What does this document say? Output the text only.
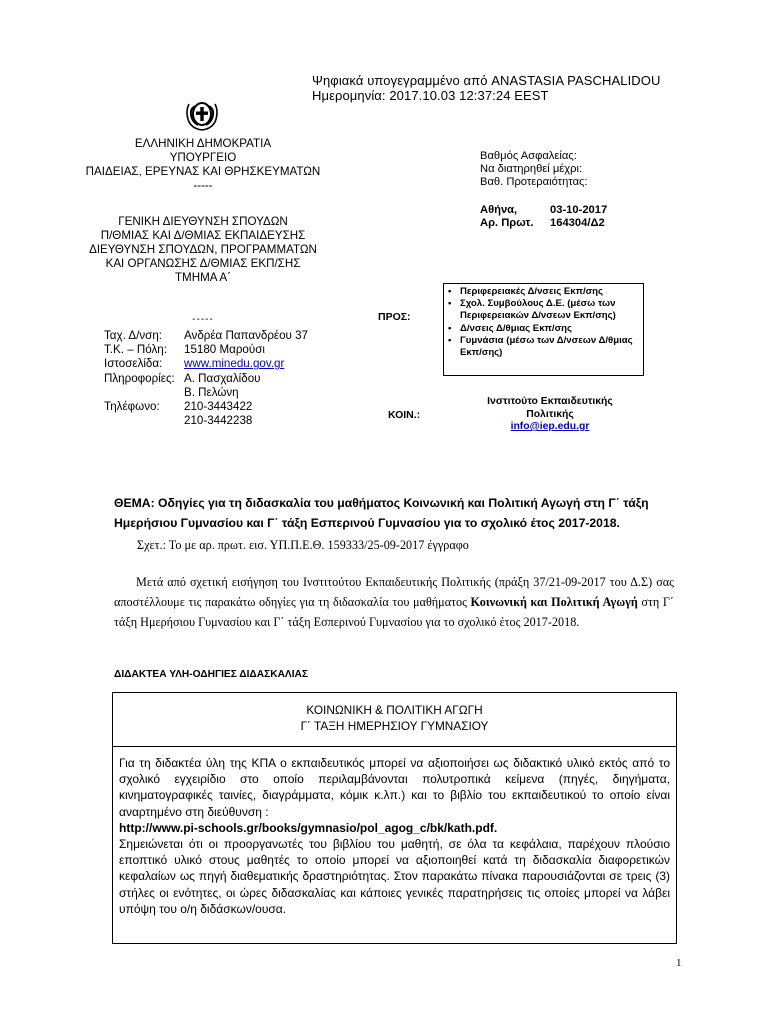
Ψηφιακά υπογεγραμμένο από ANASTASIA PASCHALIDOU
Ημερομηνία: 2017.10.03 12:37:24 EEST
ΕΛΛΗΝΙΚΗ ΔΗΜΟΚΡΑΤΙΑ
ΥΠΟΥΡΓΕΙΟ
ΠΑΙΔΕΙΑΣ, ΕΡΕΥΝΑΣ ΚΑΙ ΘΡΗΣΚΕΥΜΑΤΩΝ
-----
ΓΕΝΙΚΗ ΔΙΕΥΘΥΝΣΗ ΣΠΟΥΔΩΝ
Π/ΘΜΙΑΣ ΚΑΙ Δ/ΘΜΙΑΣ ΕΚΠΑΙΔΕΥΣΗΣ
ΔΙΕΥΘΥΝΣΗ ΣΠΟΥΔΩΝ, ΠΡΟΓΡΑΜΜΑΤΩΝ
ΚΑΙ ΟΡΓΑΝΩΣΗΣ Δ/ΘΜΙΑΣ ΕΚΠ/ΣΗΣ
ΤΜΗΜΑ Α΄
Βαθμός Ασφαλείας:
Να διατηρηθεί μέχρι:
Βαθ. Προτεραιότητας:
Αθήνα,	03-10-2017
Αρ. Πρωτ.	164304/Δ2
-----
Ταχ. Δ/νση:	Ανδρέα Παπανδρέου 37
Τ.Κ. – Πόλη:	15180 Μαρούσι
Ιστοσελίδα:	www.minedu.gov.gr
Πληροφορίες: Α. Πασχαλίδου
Β. Πελώνη
Τηλέφωνο:	210-3443422
210-3442238
ΠΡΟΣ:
• Περιφερειακές Δ/νσεις Εκπ/σης
• Σχολ. Συμβούλους Δ.Ε. (μέσω των Περιφερειακών Δ/νσεων Εκπ/σης)
• Δ/νσεις Δ/θμιας Εκπ/σης
• Γυμνάσια (μέσω των Δ/νσεων Δ/θμιας Εκπ/σης)
ΚΟΙΝ.:
Ινστιτούτο Εκπαιδευτικής Πολιτικής
info@iep.edu.gr
ΘΕΜΑ: Οδηγίες για τη διδασκαλία του μαθήματος Κοινωνική και Πολιτική Αγωγή στη Γ΄ τάξη Ημερήσιου Γυμνασίου και Γ΄ τάξη Εσπερινού Γυμνασίου για το σχολικό έτος 2017-2018.
Σχετ.: Το με αρ. πρωτ. εισ. ΥΠ.Π.Ε.Θ. 159333/25-09-2017 έγγραφο
Μετά από σχετική εισήγηση του Ινστιτούτου Εκπαιδευτικής Πολιτικής (πράξη 37/21-09-2017 του Δ.Σ) σας αποστέλλουμε τις παρακάτω οδηγίες για τη διδασκαλία του μαθήματος Κοινωνική και Πολιτική Αγωγή στη Γ΄ τάξη Ημερήσιου Γυμνασίου και Γ΄ τάξη Εσπερινού Γυμνασίου για το σχολικό έτος 2017-2018.
ΔΙΔΑΚΤΕΑ ΥΛΗ-ΟΔΗΓΙΕΣ ΔΙΔΑΣΚΑΛΙΑΣ
ΚΟΙΝΩΝΙΚΗ & ΠΟΛΙΤΙΚΗ ΑΓΩΓΗ
Γ΄ ΤΑΞΗ ΗΜΕΡΗΣΙΟΥ ΓΥΜΝΑΣΙΟΥ
Για τη διδακτέα ύλη της ΚΠΑ ο εκπαιδευτικός μπορεί να αξιοποιήσει ως διδακτικό υλικό εκτός από το σχολικό εγχειρίδιο στο οποίο περιλαμβάνονται πολυτροπικά κείμενα (πηγές, διηγήματα, κινηματογραφικές ταινίες, διαγράμματα, κόμικ κ.λπ.) και το βιβλίο του εκπαιδευτικού το οποίο είναι αναρτημένο στη διεύθυνση :
http://www.pi-schools.gr/books/gymnasio/pol_agog_c/bk/kath.pdf.
Σημειώνεται ότι οι προοργανωτές του βιβλίου του μαθητή, σε όλα τα κεφάλαια, παρέχουν πλούσιο εποπτικό υλικό στους μαθητές το οποίο μπορεί να αξιοποιηθεί κατά τη διδασκαλία διαφορετικών κεφαλαίων ως πηγή διαθεματικής δραστηριότητας. Στον παρακάτω πίνακα παρουσιάζονται σε τρεις (3) στήλες οι ενότητες, οι ώρες διδασκαλίας και κάποιες γενικές παρατηρήσεις τις οποίες μπορεί να λάβει υπόψη του ο/η διδάσκων/ουσα.
1
